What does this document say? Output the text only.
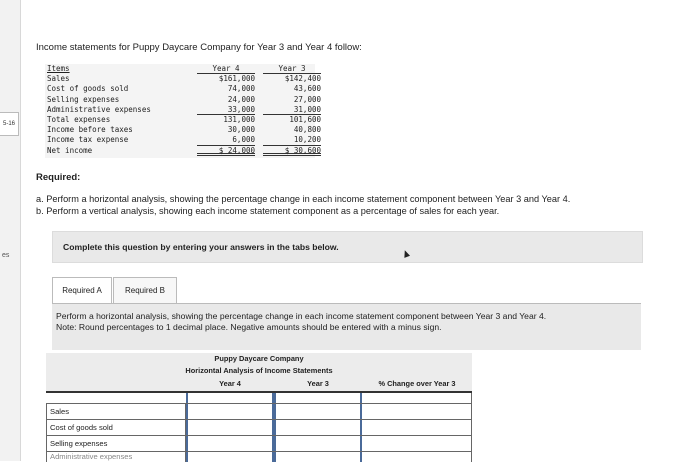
5-16
es
Income statements for Puppy Daycare Company for Year 3 and Year 4 follow:
Items	Year 4	Year 3
Sales	$161,000	$142,400
Cost of goods sold	74,000	43,600
Selling expenses	24,000	27,000
Administrative expenses	33,000	31,000
Total expenses	131,000	101,600
Income before taxes	30,000	40,800
Income tax expense	6,000	10,200
Net income	$ 24,000	$ 30,600
Required:
a. Perform a horizontal analysis, showing the percentage change in each income statement component between Year 3 and Year 4.
b. Perform a vertical analysis, showing each income statement component as a percentage of sales for each year.
Complete this question by entering your answers in the tabs below.
Required A	Required B
Perform a horizontal analysis, showing the percentage change in each income statement component between Year 3 and Year 4.
Note: Round percentages to 1 decimal place. Negative amounts should be entered with a minus sign.
Puppy Daycare Company
Horizontal Analysis of Income Statements
Year 4	Year 3	% Change over Year 3
Sales
Cost of goods sold
Selling expenses
Administrative expenses
